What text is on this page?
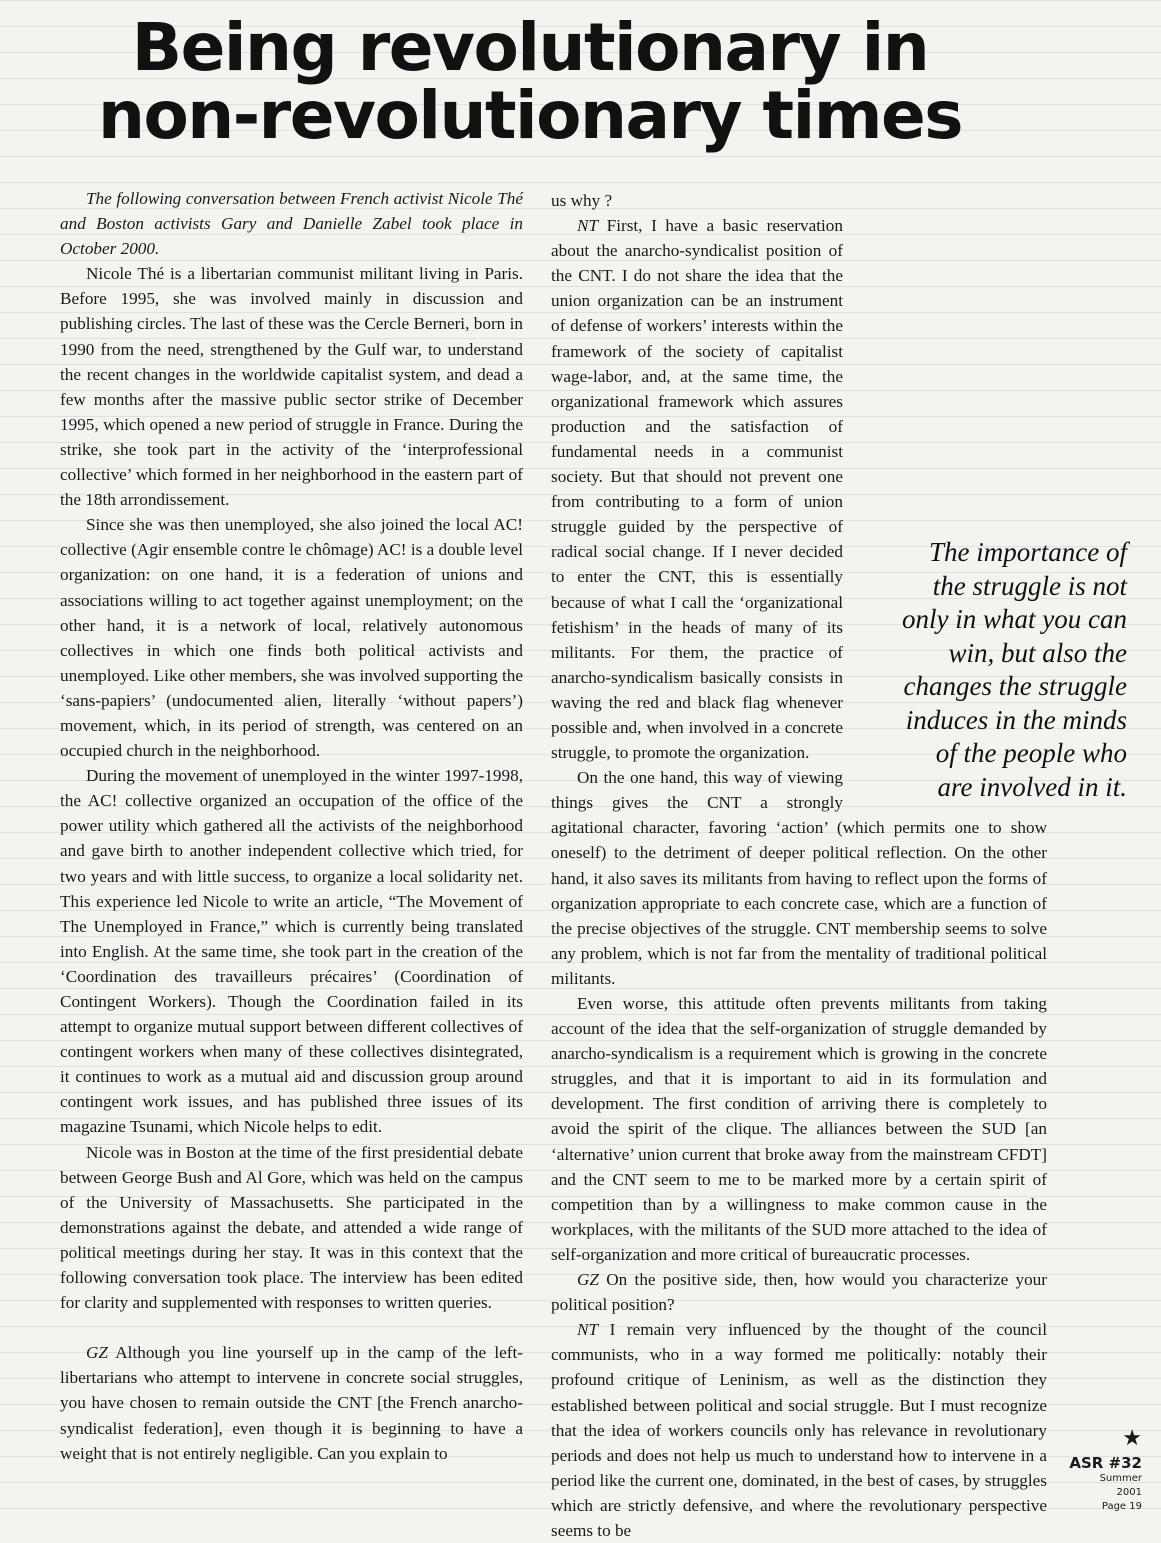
Being revolutionary in
non-revolutionary times

The following conversation between French activist Nicole Thé and Boston activists Gary and Danielle Zabel took place in October 2000.

Nicole Thé is a libertarian communist militant living in Paris. Before 1995, she was involved mainly in discussion and publishing circles. The last of these was the Cercle Berneri, born in 1990 from the need, strengthened by the Gulf war, to understand the recent changes in the worldwide capitalist system, and dead a few months after the massive public sector strike of December 1995, which opened a new period of struggle in France. During the strike, she took part in the activity of the ‘interprofessional collective’ which formed in her neighborhood in the eastern part of the 18th arrondissement.

Since she was then unemployed, she also joined the local AC! collective (Agir ensemble contre le chômage) AC! is a double level organization: on one hand, it is a federation of unions and associations willing to act together against unemployment; on the other hand, it is a network of local, relatively autonomous collectives in which one finds both political activists and unemployed. Like other members, she was involved supporting the ‘sans-papiers’ (undocumented alien, literally ‘without papers’) movement, which, in its period of strength, was centered on an occupied church in the neighborhood.

During the movement of unemployed in the winter 1997-1998, the AC! collective organized an occupation of the office of the power utility which gathered all the activists of the neighborhood and gave birth to another independent collective which tried, for two years and with little success, to organize a local solidarity net. This experience led Nicole to write an article, “The Movement of The Unemployed in France,” which is currently being translated into English. At the same time, she took part in the creation of the ‘Coordination des travailleurs précaires’ (Coordination of Contingent Workers). Though the Coordination failed in its attempt to organize mutual support between different collectives of contingent workers when many of these collectives disintegrated, it continues to work as a mutual aid and discussion group around contingent work issues, and has published three issues of its magazine Tsunami, which Nicole helps to edit.

Nicole was in Boston at the time of the first presidential debate between George Bush and Al Gore, which was held on the campus of the University of Massachusetts. She participated in the demonstrations against the debate, and attended a wide range of political meetings during her stay. It was in this context that the following conversation took place. The interview has been edited for clarity and supplemented with responses to written queries.

GZ Although you line yourself up in the camp of the left-libertarians who attempt to intervene in concrete social struggles, you have chosen to remain outside the CNT [the French anarcho-syndicalist federation], even though it is beginning to have a weight that is not entirely negligible. Can you explain to

us why ?

NT First, I have a basic reservation about the anarcho-syndicalist position of the CNT. I do not share the idea that the union organization can be an instrument of defense of workers’ interests within the framework of the society of capitalist wage-labor, and, at the same time, the organizational framework which assures production and the satisfaction of fundamental needs in a communist society. But that should not prevent one from contributing to a form of union struggle guided by the perspective of radical social change. If I never decided to enter the CNT, this is essentially because of what I call the ‘organizational fetishism’ in the heads of many of its militants. For them, the practice of anarcho-syndicalism basically consists in waving the red and black flag whenever possible and, when involved in a concrete struggle, to promote the organization.

On the one hand, this way of viewing things gives the CNT a strongly agitational character, favoring ‘action’ (which permits one to show oneself) to the detriment of deeper political reflection. On the other hand, it also saves its militants from having to reflect upon the forms of organization appropriate to each concrete case, which are a function of the precise objectives of the struggle. CNT membership seems to solve any problem, which is not far from the mentality of traditional political militants.

Even worse, this attitude often prevents militants from taking account of the idea that the self-organization of struggle demanded by anarcho-syndicalism is a requirement which is growing in the concrete struggles, and that it is important to aid in its formulation and development. The first condition of arriving there is completely to avoid the spirit of the clique. The alliances between the SUD [an ‘alternative’ union current that broke away from the mainstream CFDT] and the CNT seem to me to be marked more by a certain spirit of competition than by a willingness to make common cause in the workplaces, with the militants of the SUD more attached to the idea of self-organization and more critical of bureaucratic processes.

GZ On the positive side, then, how would you characterize your political position?

NT I remain very influenced by the thought of the council communists, who in a way formed me politically: notably their profound critique of Leninism, as well as the distinction they established between political and social struggle. But I must recognize that the idea of workers councils only has relevance in revolutionary periods and does not help us much to understand how to intervene in a period like the current one, dominated, in the best of cases, by struggles which are strictly defensive, and where the revolutionary perspective seems to be

The importance of the struggle is not only in what you can win, but also the changes the struggle induces in the minds of the people who are involved in it.
★
ASR #32
Summer
2001
Page 19
